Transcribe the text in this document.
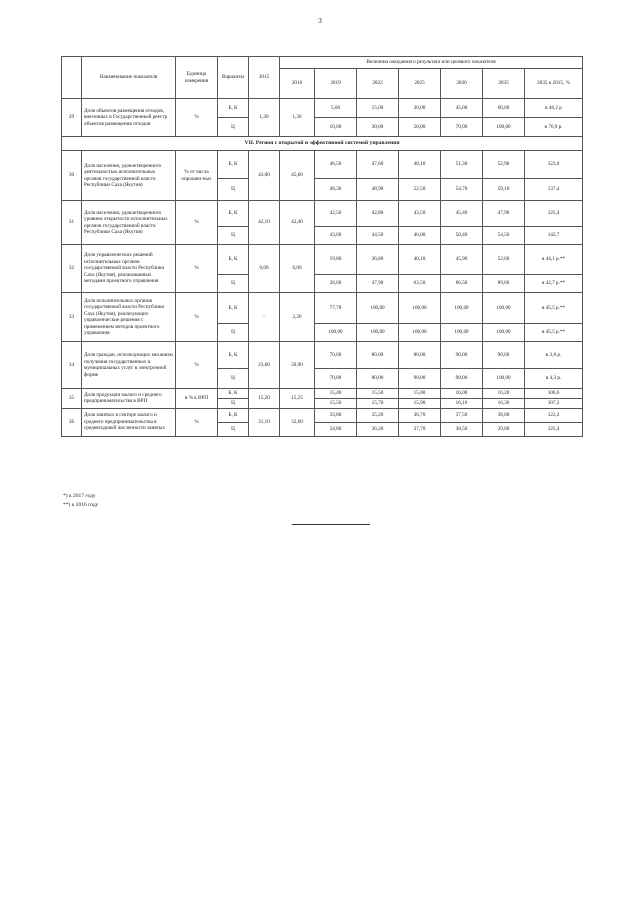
3
	Наименование показателя	Единица измерения	Варианты	2015	Величина ожидаемого результата или целевого показателя						
					2016	2019	2022	2025	2030	2035	2035 к 2015, %
29	Доля объектов размещения отходов, внесенных в Государственный реестр объектов размещения отходов	%	Б, К	1,30	1,30	5,00	15,00	30,00	45,00	60,00	в 46,2 р
			Ц			10,00	30,00	50,00	70,00	100,00	в 76,9 р.
VII. Регион с открытой и эффективной системой управления											
30	Доля населения, удовлетворенного деятельностью исполнительных органов государственной власти Республики Саха (Якутия)	% от числа опрошен-ных	Б, К	43,00	45,60	46,50	47,60	48,10	51,30	52,90	123,0
			Ц			48,30	48,90	52,50	54,70	59,10	137,4
31	Доля населения, удовлетворенного уровнем открытости исполнительных органов государственной власти Республики Саха (Якутия)	%	Б, К	42,10	42,40	42,50	42,80	43,50	45,40	47,90	125,4
			Ц			43,00	44,50	46,00	50,40	54,50	142,7
32	Доля управленческих решений исполнительных органов государственной власти Республики Саха (Якутия), реализованных методами проектного управления	%	Б, К	0,00	0,00	19,80	36,80	40,10	45,90	52,00	в 44,1 р.**
			Ц			28,00	47,90	63,50	86,50	89,60	в 42,7 р.**
33	Доля исполнительных органов государственной власти Республики Саха (Якутия), реализующих управленческие решения с применением методов проектного управления	%	Б, К	-	2,20	77,78	100,00	100,00	100,00	100,00	в 45,5 р.**
			Ц			100,00	100,00	100,00	100,00	100,00	в 45,5 р.**
34	Доля граждан, использующих механизм получения государственных и муниципальных услуг в электронной форме	%	Б, К	23,60	50,90	70,00	80,00	80,00	90,00	90,00	в 3,8 р.
			Ц			70,00	80,00	90,00	90,00	100,00	в 4,3 р.
35	Доля продукции малого и среднего предпринимательства в ВРП	в % к ВРП	Б, К	15,20	15,25	15,40	15,50	15,80	16,00	16,20	106,6
			Ц			15,50	15,70	15,90	16,10	16,30	107,2
36	Доля занятых в секторе малого и среднего предпринимательства в среднегодовой численности занятых	%	Б, К	31,10	32,60	33,80	35,20	36,70	37,50	38,00	122,2
			Ц			34,80	36,20	37,70	38,50	39,00	125,4
*) к 2017 году
**) к 2016 году
